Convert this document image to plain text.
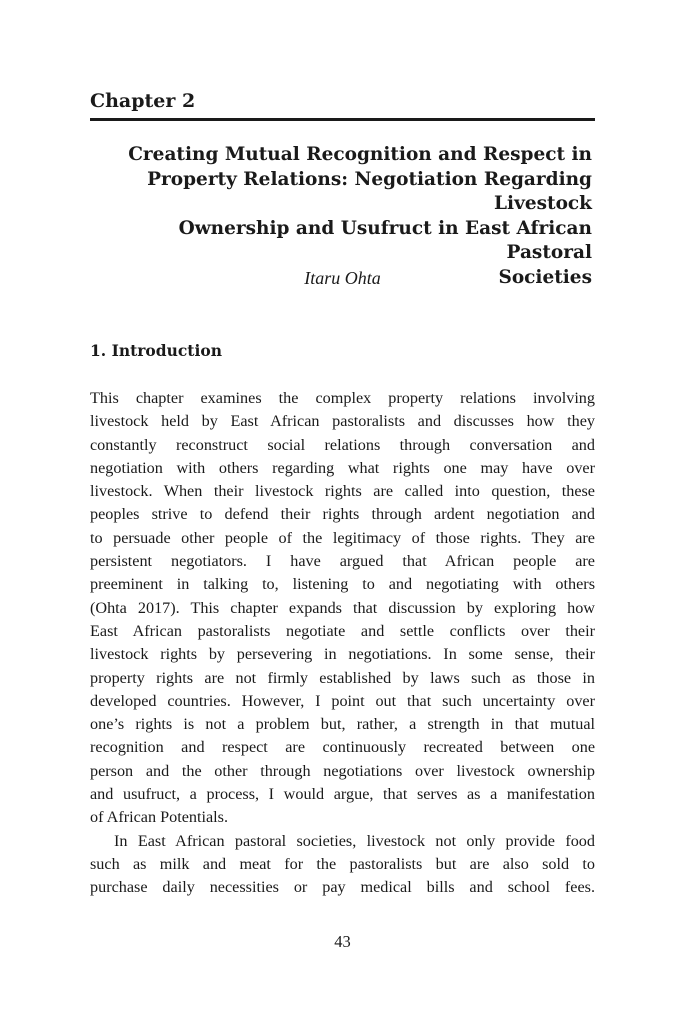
Chapter 2
Creating Mutual Recognition and Respect in
Property Relations: Negotiation Regarding Livestock
Ownership and Usufruct in East African Pastoral
Societies
Itaru Ohta
1. Introduction
This chapter examines the complex property relations involving
livestock held by East African pastoralists and discusses how they
constantly reconstruct social relations through conversation and
negotiation with others regarding what rights one may have over
livestock. When their livestock rights are called into question, these
peoples strive to defend their rights through ardent negotiation and
to persuade other people of the legitimacy of those rights. They are
persistent negotiators. I have argued that African people are
preeminent in talking to, listening to and negotiating with others
(Ohta 2017). This chapter expands that discussion by exploring how
East African pastoralists negotiate and settle conflicts over their
livestock rights by persevering in negotiations. In some sense, their
property rights are not firmly established by laws such as those in
developed countries. However, I point out that such uncertainty over
one’s rights is not a problem but, rather, a strength in that mutual
recognition and respect are continuously recreated between one
person and the other through negotiations over livestock ownership
and usufruct, a process, I would argue, that serves as a manifestation
of African Potentials.
In East African pastoral societies, livestock not only provide food
such as milk and meat for the pastoralists but are also sold to
purchase daily necessities or pay medical bills and school fees.
43
